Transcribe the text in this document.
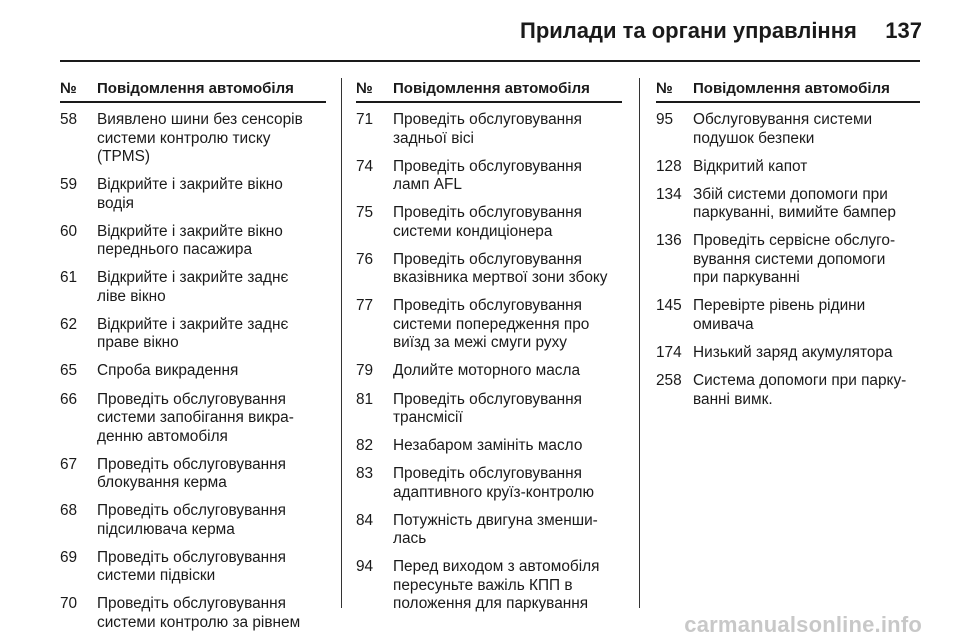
Прилади та органи управління 137
№	Повідомлення автомобіля
58	Виявлено шини без сенсорів
системи контролю тиску
(TPMS)
59	Відкрийте і закрийте вікно
водія
60	Відкрийте і закрийте вікно
переднього пасажира
61	Відкрийте і закрийте заднє
ліве вікно
62	Відкрийте і закрийте заднє
праве вікно
65	Спроба викрадення
66	Проведіть обслуговування
системи запобігання викра-
денню автомобіля
67	Проведіть обслуговування
блокування керма
68	Проведіть обслуговування
підсилювача керма
69	Проведіть обслуговування
системи підвіски
70	Проведіть обслуговування
системи контролю за рівнем
№	Повідомлення автомобіля
71	Проведіть обслуговування
задньої вісі
74	Проведіть обслуговування
ламп AFL
75	Проведіть обслуговування
системи кондиціонера
76	Проведіть обслуговування
вказівника мертвої зони збоку
77	Проведіть обслуговування
системи попередження про
виїзд за межі смуги руху
79	Долийте моторного масла
81	Проведіть обслуговування
трансмісії
82	Незабаром замініть масло
83	Проведіть обслуговування
адаптивного круїз-контролю
84	Потужність двигуна зменши-
лась
94	Перед виходом з автомобіля
пересуньте важіль КПП в
положення для паркування
№	Повідомлення автомобіля
95	Обслуговування системи
подушок безпеки
128 Відкритий капот
134 Збій системи допомоги при
паркуванні, вимийте бампер
136 Проведіть сервісне обслуго-
вування системи допомоги
при паркуванні
145 Перевірте рівень рідини
омивача
174 Низький заряд акумулятора
258 Система допомоги при парку-
ванні вимк.
carmanualsonline.info
